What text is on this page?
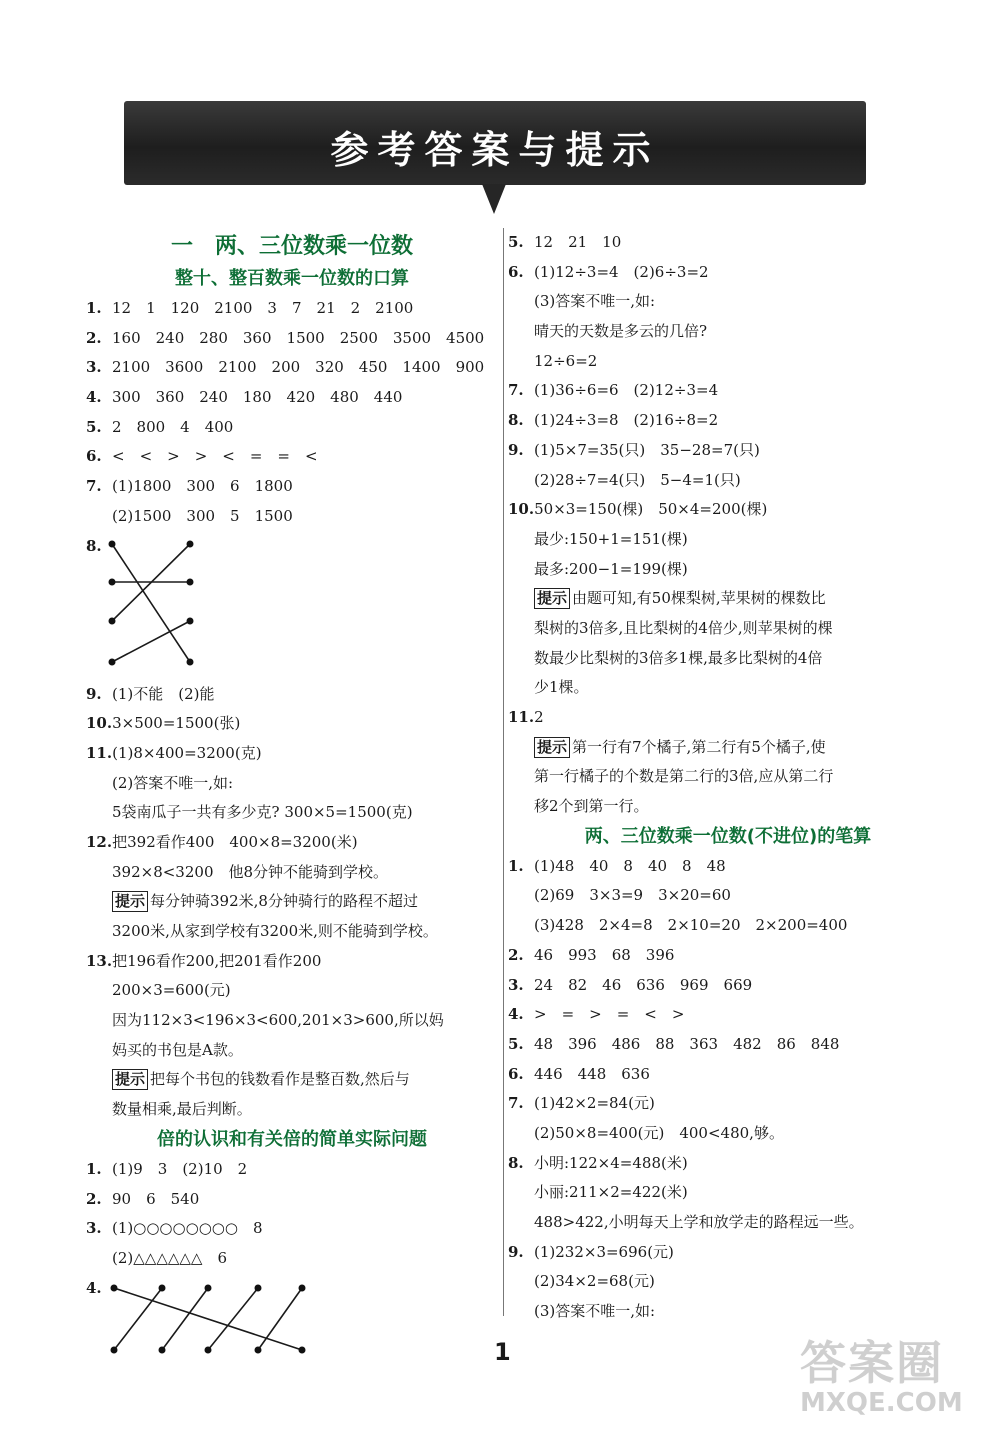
参考答案与提示
一　两、三位数乘一位数
整十、整百数乘一位数的口算
1. 12　1　120　2100　3　7　21　2　2100
2. 160　240　280　360　1500　2500　3500　4500
3. 2100　3600　2100　200　320　450　1400　900
4. 300　360　240　180　420　480　440
5. 2　800　4　400
6. <　<　>　>　<　=　=　<
7. (1)1800　300　6　1800
(2)1500　300　5　1500
8.
9. (1)不能　(2)能
10.3×500=1500(张)
11.(1)8×400=3200(克)
(2)答案不唯一,如:
5袋南瓜子一共有多少克? 300×5=1500(克)
12.把392看作400　400×8=3200(米)
392×8<3200　他8分钟不能骑到学校。
提示 每分钟骑392米,8分钟骑行的路程不超过
3200米,从家到学校有3200米,则不能骑到学校。
13.把196看作200,把201看作200
200×3=600(元)
因为112×3<196×3<600,201×3>600,所以妈
妈买的书包是A款。
提示 把每个书包的钱数看作是整百数,然后与
数量相乘,最后判断。
倍的认识和有关倍的简单实际问题
1. (1)9　3　(2)10　2
2. 90　6　540
3. (1)○○○○○○○○　8
(2)△△△△△△　6
4.
5. 12　21　10
6. (1)12÷3=4　(2)6÷3=2
(3)答案不唯一,如:
晴天的天数是多云的几倍?
12÷6=2
7. (1)36÷6=6　(2)12÷3=4
8. (1)24÷3=8　(2)16÷8=2
9. (1)5×7=35(只)　35−28=7(只)
(2)28÷7=4(只)　5−4=1(只)
10.50×3=150(棵)　50×4=200(棵)
最少:150+1=151(棵)
最多:200−1=199(棵)
提示 由题可知,有50棵梨树,苹果树的棵数比
梨树的3倍多,且比梨树的4倍少,则苹果树的棵
数最少比梨树的3倍多1棵,最多比梨树的4倍
少1棵。
11.2
提示 第一行有7个橘子,第二行有5个橘子,使
第一行橘子的个数是第二行的3倍,应从第二行
移2个到第一行。
两、三位数乘一位数(不进位)的笔算
1. (1)48　40　8　40　8　48
(2)69　3×3=9　3×20=60
(3)428　2×4=8　2×10=20　2×200=400
2. 46　993　68　396
3. 24　82　46　636　969　669
4. >　=　>　=　<　>
5. 48　396　486　88　363　482　86　848
6. 446　448　636
7. (1)42×2=84(元)
(2)50×8=400(元)　400<480,够。
8. 小明:122×4=488(米)
小丽:211×2=422(米)
488>422,小明每天上学和放学走的路程远一些。
9. (1)232×3=696(元)
(2)34×2=68(元)
(3)答案不唯一,如:
1	答案圈
MXQE.COM
